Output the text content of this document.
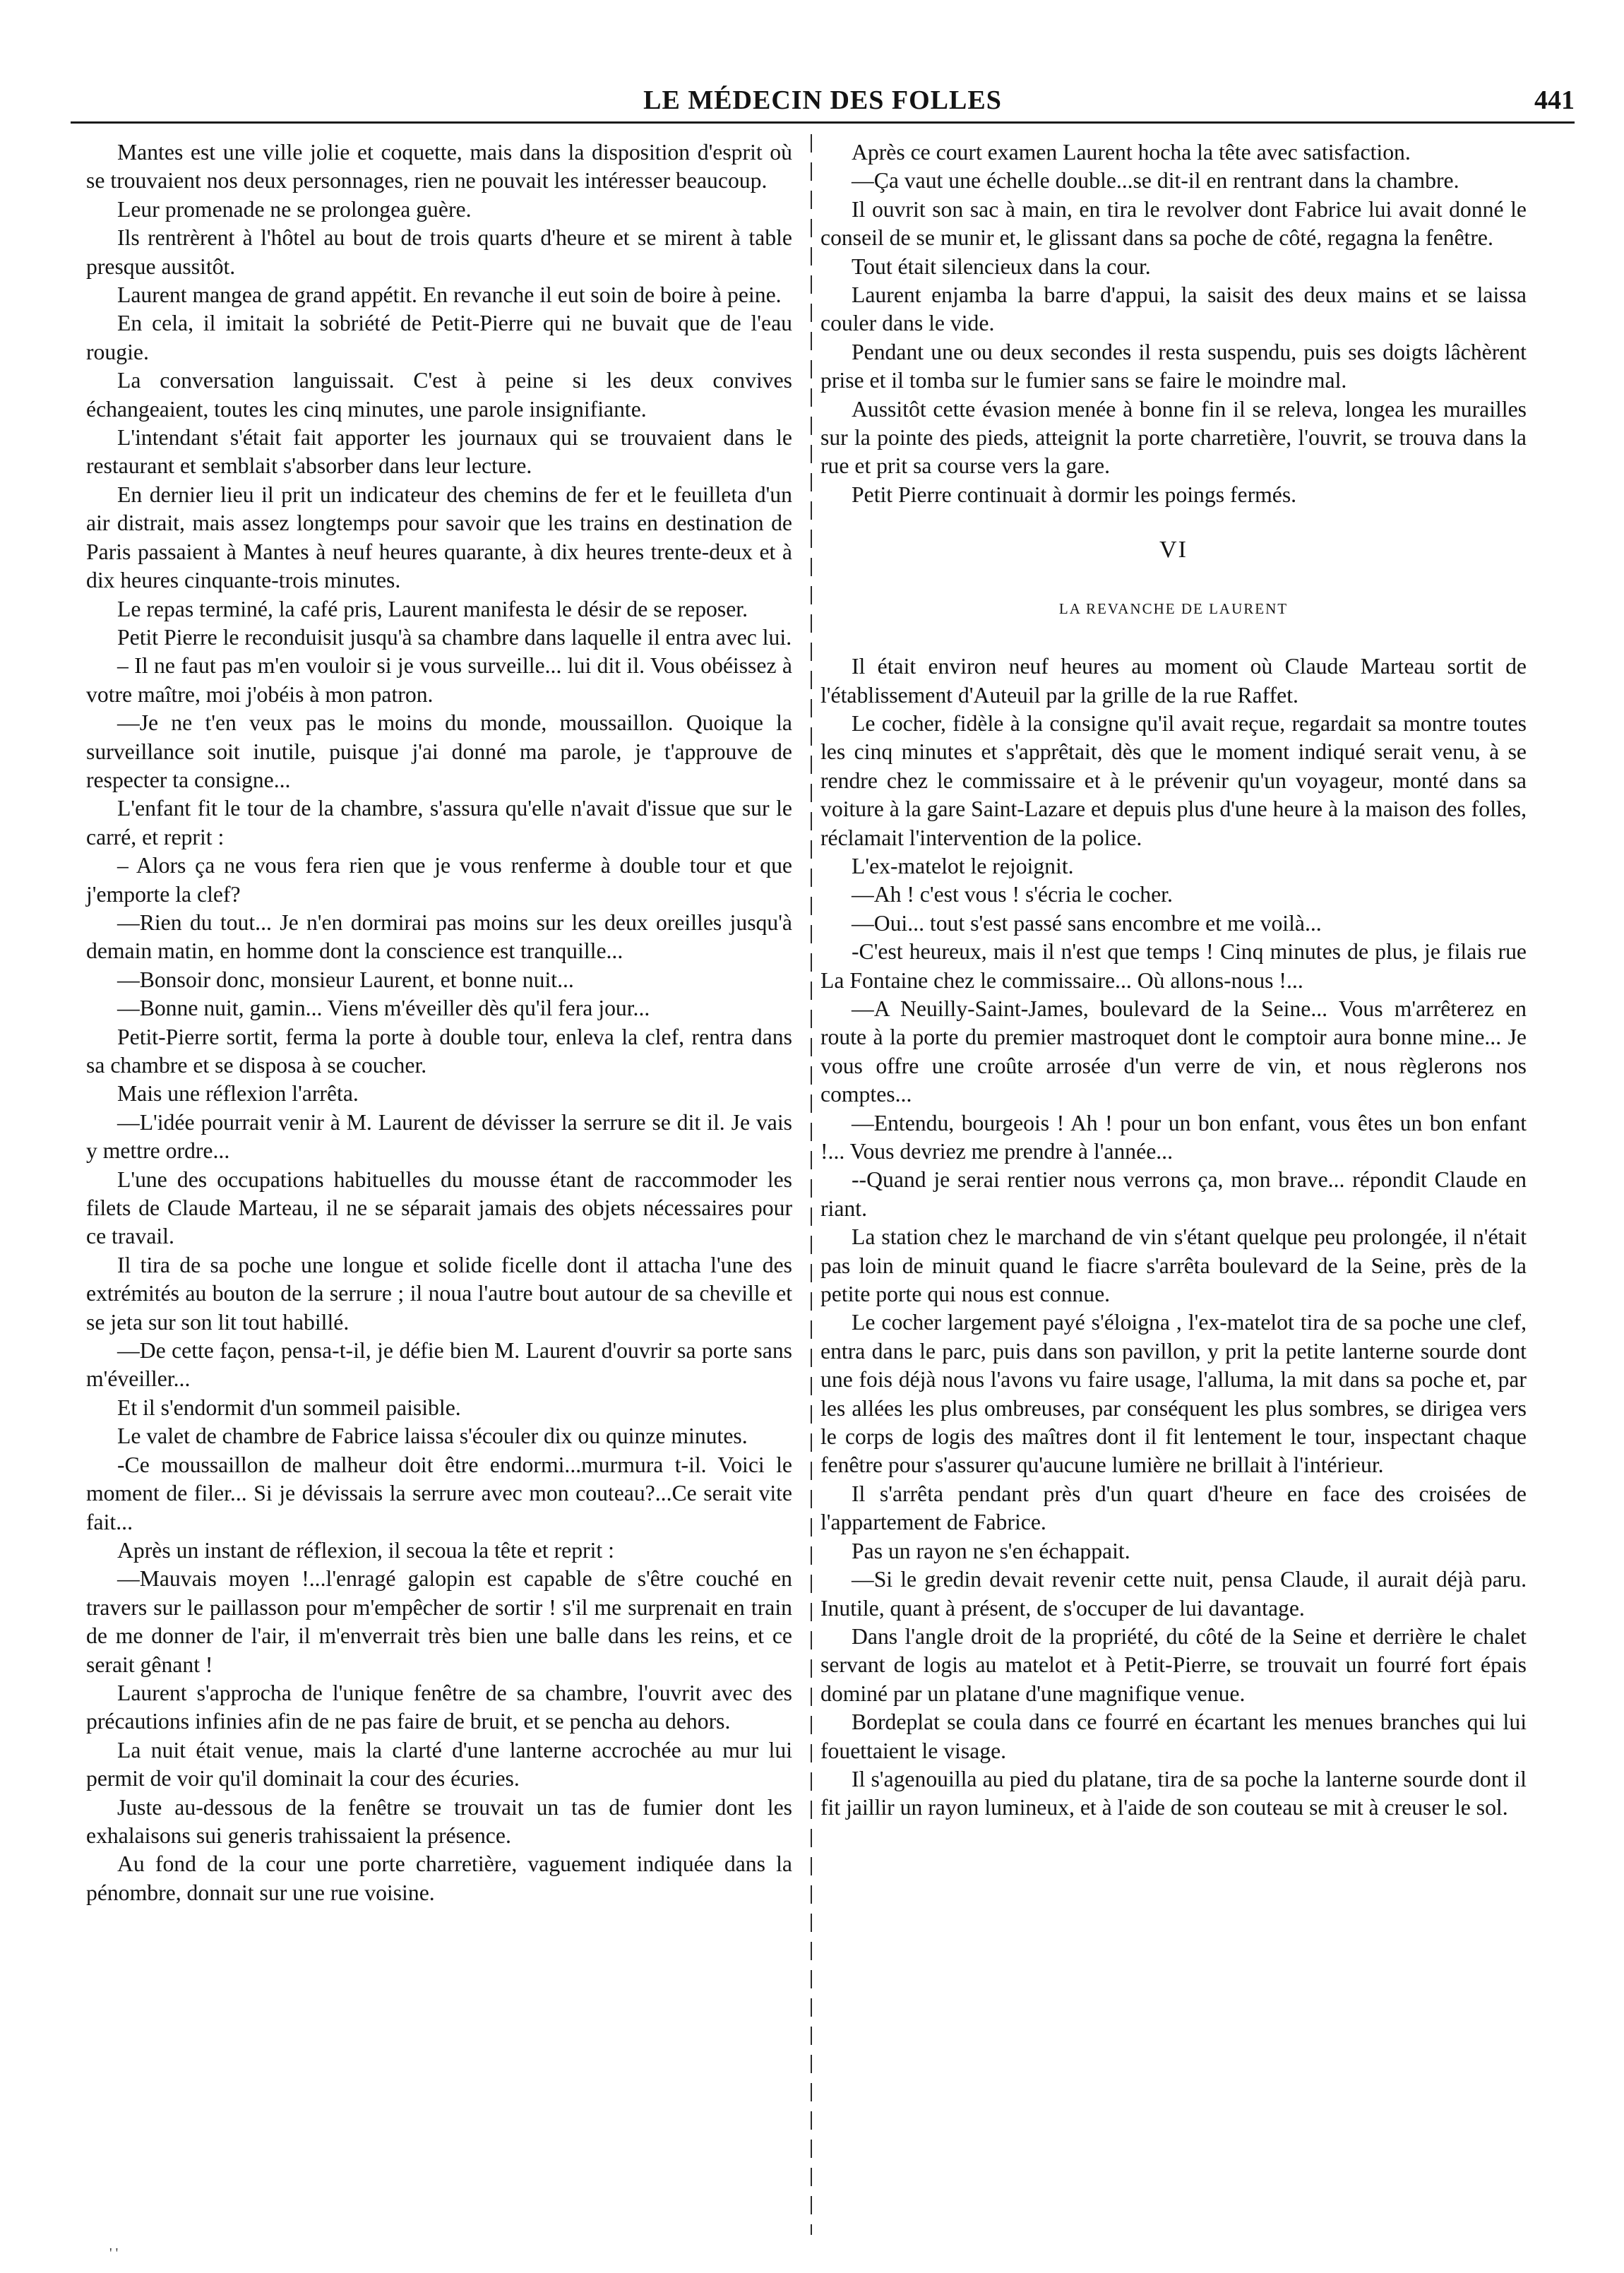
LE MÉDECIN DES FOLLES	441

Mantes est une ville jolie et coquette, mais dans la disposition d'esprit où se trouvaient nos deux personnages, rien ne pouvait les intéresser beaucoup.

Leur promenade ne se prolongea guère.

Ils rentrèrent à l'hôtel au bout de trois quarts d'heure et se mirent à table presque aussitôt.

Laurent mangea de grand appétit. En revanche il eut soin de boire à peine.

En cela, il imitait la sobriété de Petit-Pierre qui ne buvait que de l'eau rougie.

La conversation languissait. C'est à peine si les deux convives échangeaient, toutes les cinq minutes, une parole insignifiante.

L'intendant s'était fait apporter les journaux qui se trouvaient dans le restaurant et semblait s'absorber dans leur lecture.

En dernier lieu il prit un indicateur des chemins de fer et le feuilleta d'un air distrait, mais assez longtemps pour savoir que les trains en destination de Paris passaient à Mantes à neuf heures quarante, à dix heures trente-deux et à dix heures cinquante-trois minutes.

Le repas terminé, la café pris, Laurent manifesta le désir de se reposer.

Petit Pierre le reconduisit jusqu'à sa chambre dans laquelle il entra avec lui.

– Il ne faut pas m'en vouloir si je vous surveille... lui dit il. Vous obéissez à votre maître, moi j'obéis à mon patron.

—Je ne t'en veux pas le moins du monde, moussaillon. Quoique la surveillance soit inutile, puisque j'ai donné ma parole, je t'approuve de respecter ta consigne...

L'enfant fit le tour de la chambre, s'assura qu'elle n'avait d'issue que sur le carré, et reprit :

– Alors ça ne vous fera rien que je vous renferme à double tour et que j'emporte la clef?

—Rien du tout... Je n'en dormirai pas moins sur les deux oreilles jusqu'à demain matin, en homme dont la conscience est tranquille...

—Bonsoir donc, monsieur Laurent, et bonne nuit...

—Bonne nuit, gamin... Viens m'éveiller dès qu'il fera jour...

Petit-Pierre sortit, ferma la porte à double tour, enleva la clef, rentra dans sa chambre et se disposa à se coucher.

Mais une réflexion l'arrêta.

—L'idée pourrait venir à M. Laurent de dévisser la serrure se dit il. Je vais y mettre ordre...

L'une des occupations habituelles du mousse étant de raccommoder les filets de Claude Marteau, il ne se séparait jamais des objets nécessaires pour ce travail.

Il tira de sa poche une longue et solide ficelle dont il attacha l'une des extrémités au bouton de la serrure ; il noua l'autre bout autour de sa cheville et se jeta sur son lit tout habillé.

—De cette façon, pensa-t-il, je défie bien M. Laurent d'ouvrir sa porte sans m'éveiller...

Et il s'endormit d'un sommeil paisible.

Le valet de chambre de Fabrice laissa s'écouler dix ou quinze minutes.

-Ce moussaillon de malheur doit être endormi...murmura t-il. Voici le moment de filer... Si je dévissais la serrure avec mon couteau?...Ce serait vite fait...

Après un instant de réflexion, il secoua la tête et reprit :

—Mauvais moyen !...l'enragé galopin est capable de s'être couché en travers sur le paillasson pour m'empêcher de sortir ! s'il me surprenait en train de me donner de l'air, il m'enverrait très bien une balle dans les reins, et ce serait gênant !

Laurent s'approcha de l'unique fenêtre de sa chambre, l'ouvrit avec des précautions infinies afin de ne pas faire de bruit, et se pencha au dehors.

La nuit était venue, mais la clarté d'une lanterne accrochée au mur lui permit de voir qu'il dominait la cour des écuries.

Juste au-dessous de la fenêtre se trouvait un tas de fumier dont les exhalaisons sui generis trahissaient la présence.

Au fond de la cour une porte charretière, vaguement indiquée dans la pénombre, donnait sur une rue voisine.

Après ce court examen Laurent hocha la tête avec satisfaction.

—Ça vaut une échelle double...se dit-il en rentrant dans la chambre.

Il ouvrit son sac à main, en tira le revolver dont Fabrice lui avait donné le conseil de se munir et, le glissant dans sa poche de côté, regagna la fenêtre.

Tout était silencieux dans la cour.

Laurent enjamba la barre d'appui, la saisit des deux mains et se laissa couler dans le vide.

Pendant une ou deux secondes il resta suspendu, puis ses doigts lâchèrent prise et il tomba sur le fumier sans se faire le moindre mal.

Aussitôt cette évasion menée à bonne fin il se releva, longea les murailles sur la pointe des pieds, atteignit la porte charretière, l'ouvrit, se trouva dans la rue et prit sa course vers la gare.

Petit Pierre continuait à dormir les poings fermés.

VI
LA REVANCHE DE LAURENT

Il était environ neuf heures au moment où Claude Marteau sortit de l'établissement d'Auteuil par la grille de la rue Raffet.

Le cocher, fidèle à la consigne qu'il avait reçue, regardait sa montre toutes les cinq minutes et s'apprêtait, dès que le moment indiqué serait venu, à se rendre chez le commissaire et à le prévenir qu'un voyageur, monté dans sa voiture à la gare Saint-Lazare et depuis plus d'une heure à la maison des folles, réclamait l'intervention de la police.

L'ex-matelot le rejoignit.

—Ah ! c'est vous ! s'écria le cocher.

—Oui... tout s'est passé sans encombre et me voilà...

-C'est heureux, mais il n'est que temps ! Cinq minutes de plus, je filais rue La Fontaine chez le commissaire... Où allons-nous !...

—A Neuilly-Saint-James, boulevard de la Seine... Vous m'arrêterez en route à la porte du premier mastroquet dont le comptoir aura bonne mine... Je vous offre une croûte arrosée d'un verre de vin, et nous règlerons nos comptes...

—Entendu, bourgeois ! Ah ! pour un bon enfant, vous êtes un bon enfant !... Vous devriez me prendre à l'année...

--Quand je serai rentier nous verrons ça, mon brave... répondit Claude en riant.

La station chez le marchand de vin s'étant quelque peu prolongée, il n'était pas loin de minuit quand le fiacre s'arrêta boulevard de la Seine, près de la petite porte qui nous est connue.

Le cocher largement payé s'éloigna , l'ex-matelot tira de sa poche une clef, entra dans le parc, puis dans son pavillon, y prit la petite lanterne sourde dont une fois déjà nous l'avons vu faire usage, l'alluma, la mit dans sa poche et, par les allées les plus ombreuses, par conséquent les plus sombres, se dirigea vers le corps de logis des maîtres dont il fit lentement le tour, inspectant chaque fenêtre pour s'assurer qu'aucune lumière ne brillait à l'intérieur.

Il s'arrêta pendant près d'un quart d'heure en face des croisées de l'appartement de Fabrice.

Pas un rayon ne s'en échappait.

—Si le gredin devait revenir cette nuit, pensa Claude, il aurait déjà paru. Inutile, quant à présent, de s'occuper de lui davantage.

Dans l'angle droit de la propriété, du côté de la Seine et derrière le chalet servant de logis au matelot et à Petit-Pierre, se trouvait un fourré fort épais dominé par un platane d'une magnifique venue.

Bordeplat se coula dans ce fourré en écartant les menues branches qui lui fouettaient le visage.

Il s'agenouilla au pied du platane, tira de sa poche la lanterne sourde dont il fit jaillir un rayon lumineux, et à l'aide de son couteau se mit à creuser le sol.

' '
